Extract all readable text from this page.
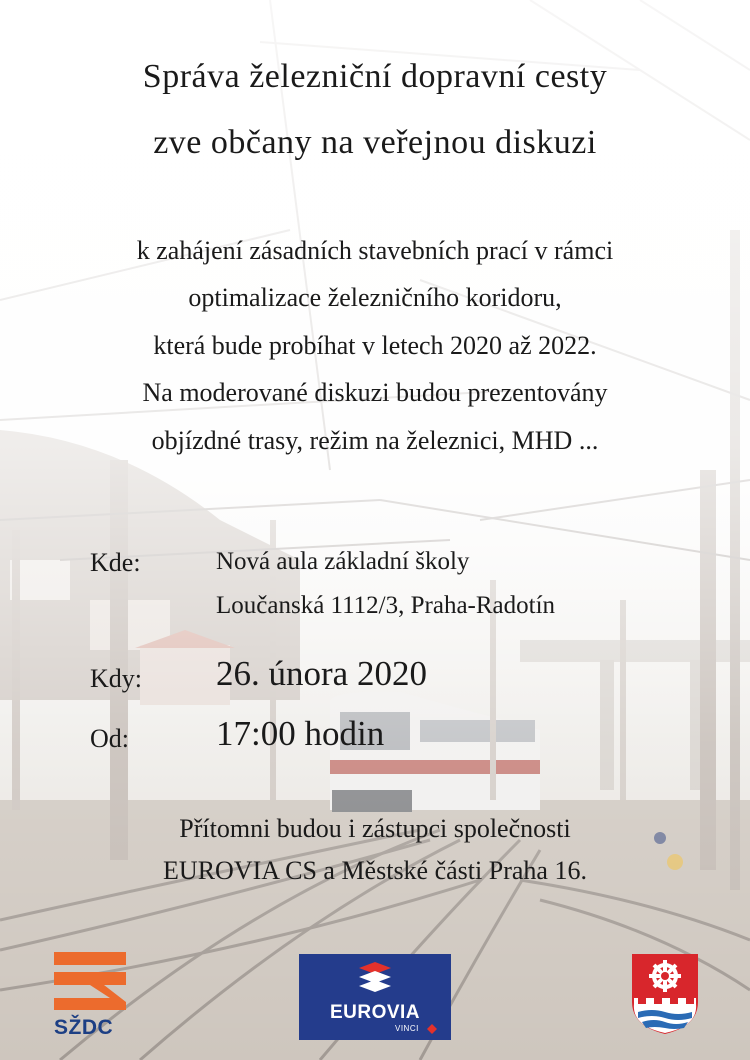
Správa železniční dopravní cesty
zve občany na veřejnou diskuzi
k zahájení zásadních stavebních prací v rámci
optimalizace železničního koridoru,
která bude probíhat v letech 2020 až 2022.
Na moderované diskuzi budou prezentovány
objízdné trasy, režim na železnici, MHD ...
Kde:	Nová aula základní školy
Loučanská 1112/3, Praha-Radotín
Kdy: 26. února 2020
Od: 17:00 hodin
Přítomni budou i zástupci společnosti
EUROVIA CS a Městské části Praha 16.
SŽDC
EUROVIA
VINCI
